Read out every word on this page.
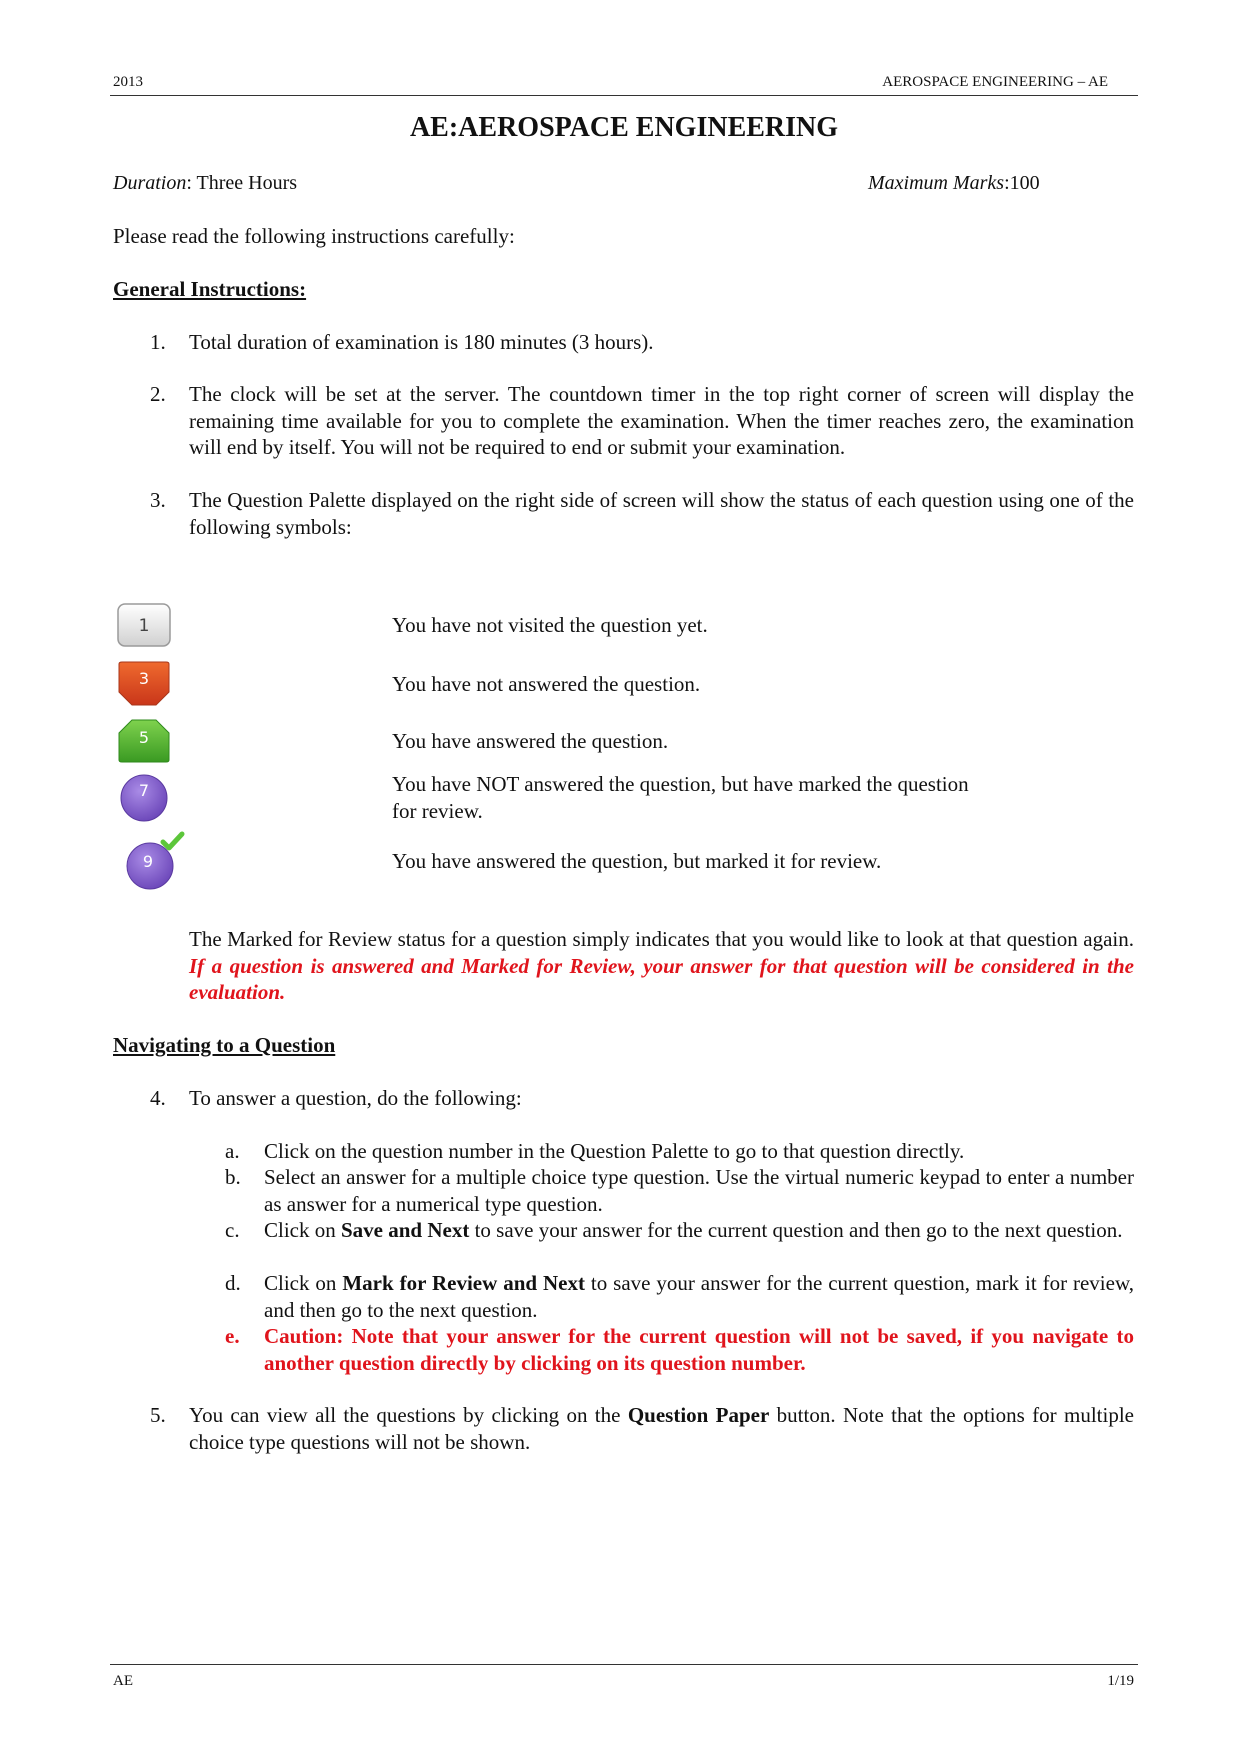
2013	AEROSPACE ENGINEERING – AE
AE:AEROSPACE ENGINEERING
Duration: Three Hours	Maximum Marks:100
Please read the following instructions carefully:
General Instructions:
1. Total duration of examination is 180 minutes (3 hours).
2. The clock will be set at the server. The countdown timer in the top right corner of screen will display the remaining time available for you to complete the examination. When the timer reaches zero, the examination will end by itself. You will not be required to end or submit your examination.
3. The Question Palette displayed on the right side of screen will show the status of each question using one of the following symbols:
1	You have not visited the question yet.
3	You have not answered the question.
5	You have answered the question.
7	You have NOT answered the question, but have marked the question for review.
9	You have answered the question, but marked it for review.
The Marked for Review status for a question simply indicates that you would like to look at that question again. If a question is answered and Marked for Review, your answer for that question will be considered in the evaluation.
Navigating to a Question
4. To answer a question, do the following:
a. Click on the question number in the Question Palette to go to that question directly.
b. Select an answer for a multiple choice type question. Use the virtual numeric keypad to enter a number as answer for a numerical type question.
c. Click on Save and Next to save your answer for the current question and then go to the next question.
d. Click on Mark for Review and Next to save your answer for the current question, mark it for review, and then go to the next question.
e. Caution: Note that your answer for the current question will not be saved, if you navigate to another question directly by clicking on its question number.
5. You can view all the questions by clicking on the Question Paper button. Note that the options for multiple choice type questions will not be shown.
AE	1/19
